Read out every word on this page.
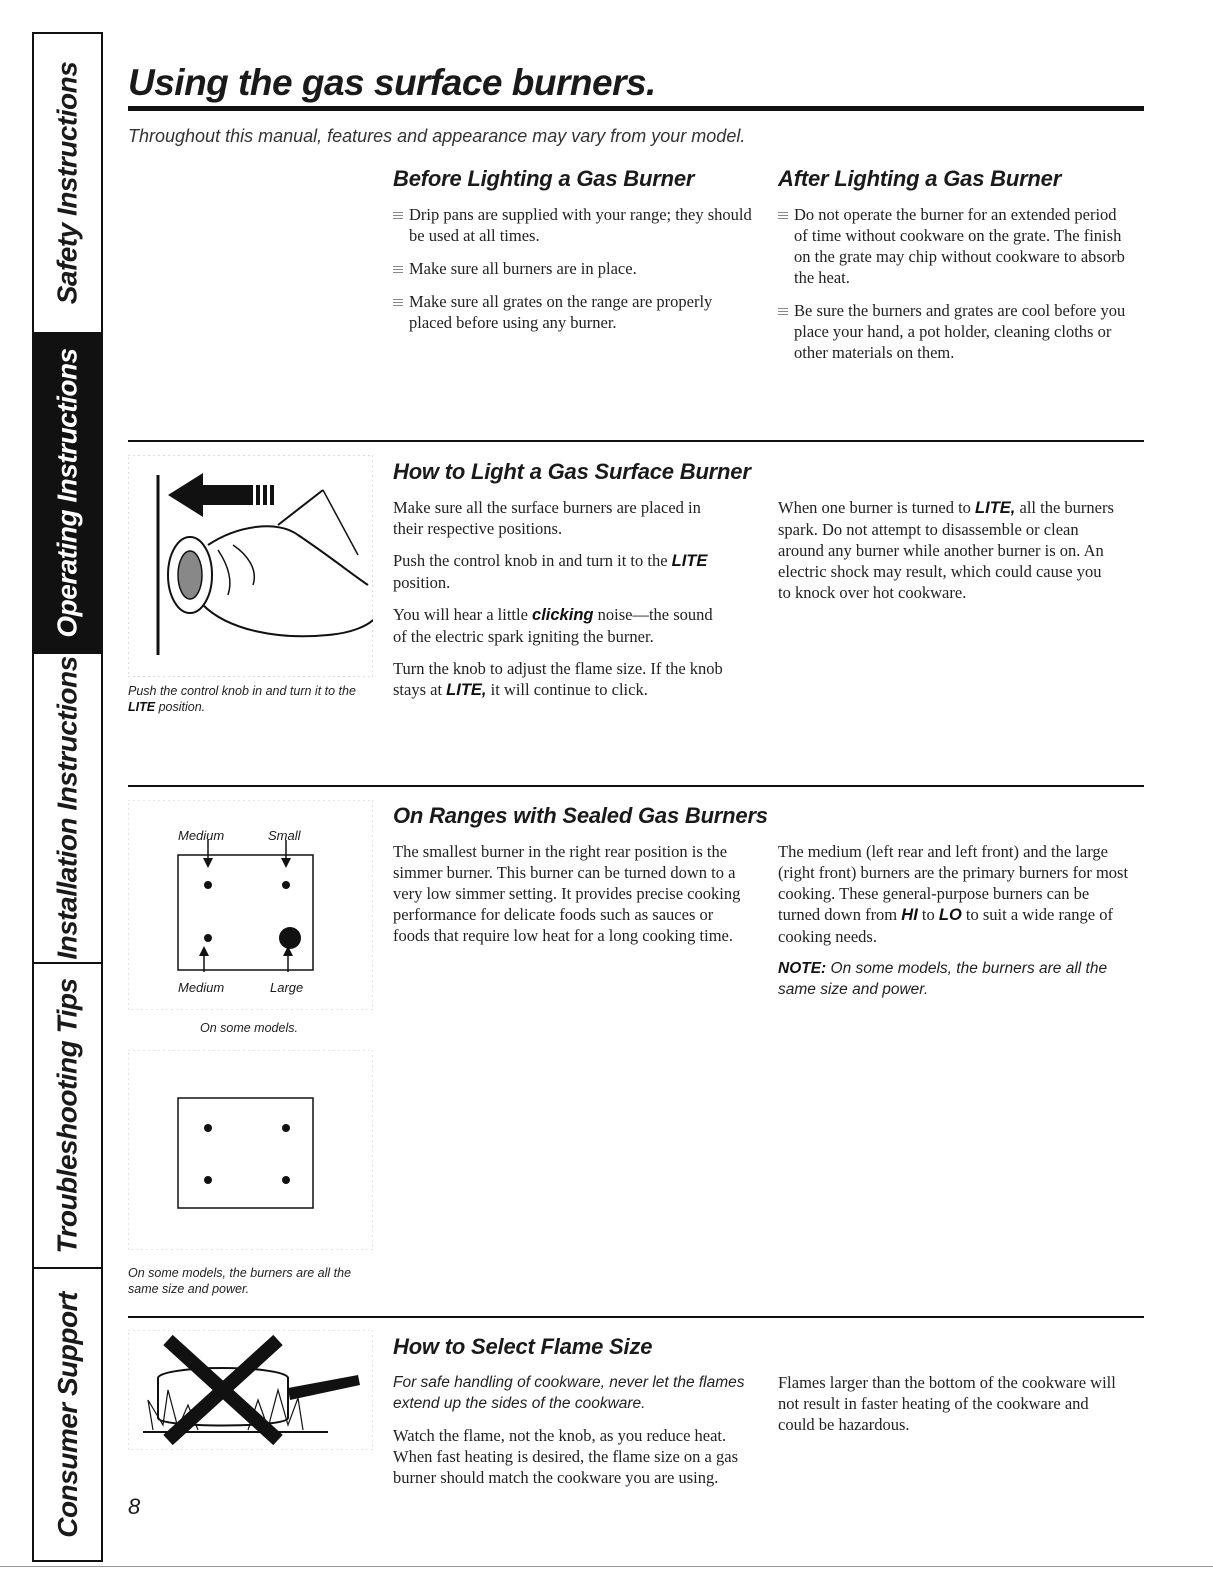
Safety Instructions
Operating Instructions
Installation Instructions
Troubleshooting Tips
Consumer Support
Using the gas surface burners.
Throughout this manual, features and appearance may vary from your model.
Before Lighting a Gas Burner
Drip pans are supplied with your range; they should be used at all times.
Make sure all burners are in place.
Make sure all grates on the range are properly placed before using any burner.
After Lighting a Gas Burner
Do not operate the burner for an extended period of time without cookware on the grate. The finish on the grate may chip without cookware to absorb the heat.
Be sure the burners and grates are cool before you place your hand, a pot holder, cleaning cloths or other materials on them.
Push the control knob in and turn it to the LITE position.
How to Light a Gas Surface Burner

Make sure all the surface burners are placed in their respective positions.

Push the control knob in and turn it to the LITE position.

You will hear a little clicking noise—the sound of the electric spark igniting the burner.

Turn the knob to adjust the flame size. If the knob stays at LITE, it will continue to click.

When one burner is turned to LITE, all the burners spark. Do not attempt to disassemble or clean around any burner while another burner is on. An electric shock may result, which could cause you to knock over hot cookware.

Medium	Small
Medium	Large
On some models.
On some models, the burners are all the same size and power.
On Ranges with Sealed Gas Burners

The smallest burner in the right rear position is the simmer burner. This burner can be turned down to a very low simmer setting. It provides precise cooking performance for delicate foods such as sauces or foods that require low heat for a long cooking time.

The medium (left rear and left front) and the large (right front) burners are the primary burners for most cooking. These general-purpose burners can be turned down from HI to LO to suit a wide range of cooking needs.

NOTE: On some models, the burners are all the same size and power.

8
How to Select Flame Size

For safe handling of cookware, never let the flames extend up the sides of the cookware.

Watch the flame, not the knob, as you reduce heat. When fast heating is desired, the flame size on a gas burner should match the cookware you are using.

Flames larger than the bottom of the cookware will not result in faster heating of the cookware and could be hazardous.
